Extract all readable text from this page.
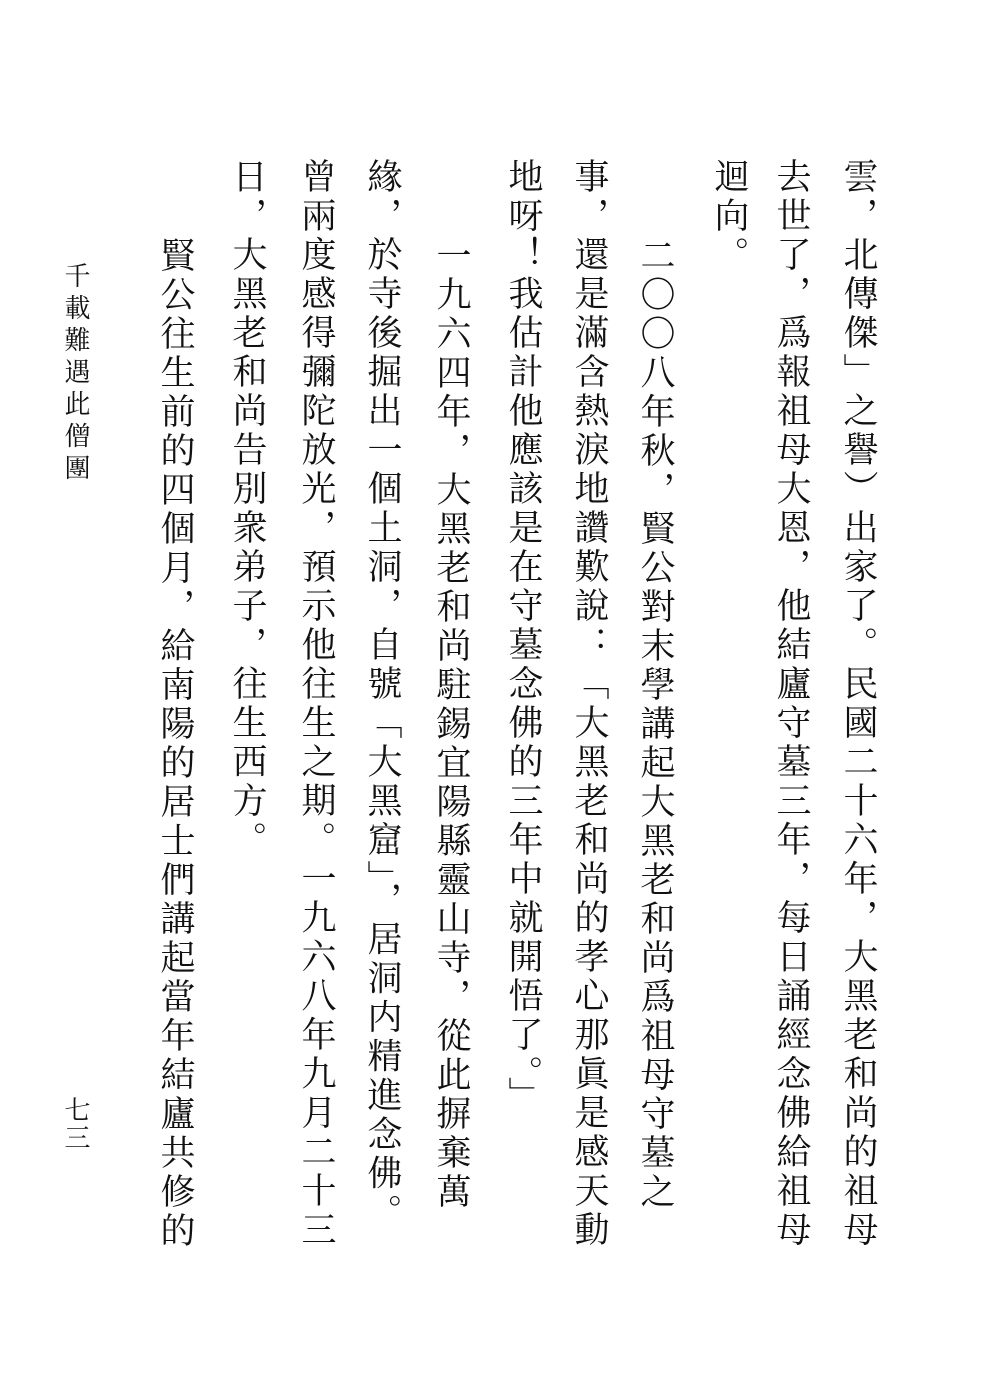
雲，北傳傑」之譽）出家了。民國二十六年，大黑老和尚的祖母
去世了，爲報祖母大恩，他結廬守墓三年，每日誦經念佛給祖母
迴向。
二〇〇八年秋，賢公對末學講起大黑老和尚爲祖母守墓之
事，還是滿含熱淚地讚歎說：「大黑老和尚的孝心那眞是感天動
地呀！我估計他應該是在守墓念佛的三年中就開悟了。」
一九六四年，大黑老和尚駐錫宜陽縣靈山寺，從此摒棄萬
緣，於寺後掘出一個土洞，自號「大黑窟」，居洞内精進念佛。
曾兩度感得彌陀放光，預示他往生之期。一九六八年九月二十三
日，大黑老和尚告別衆弟子，往生西方。
賢公往生前的四個月，給南陽的居士們講起當年結廬共修的
千載難遇此僧團
七三
